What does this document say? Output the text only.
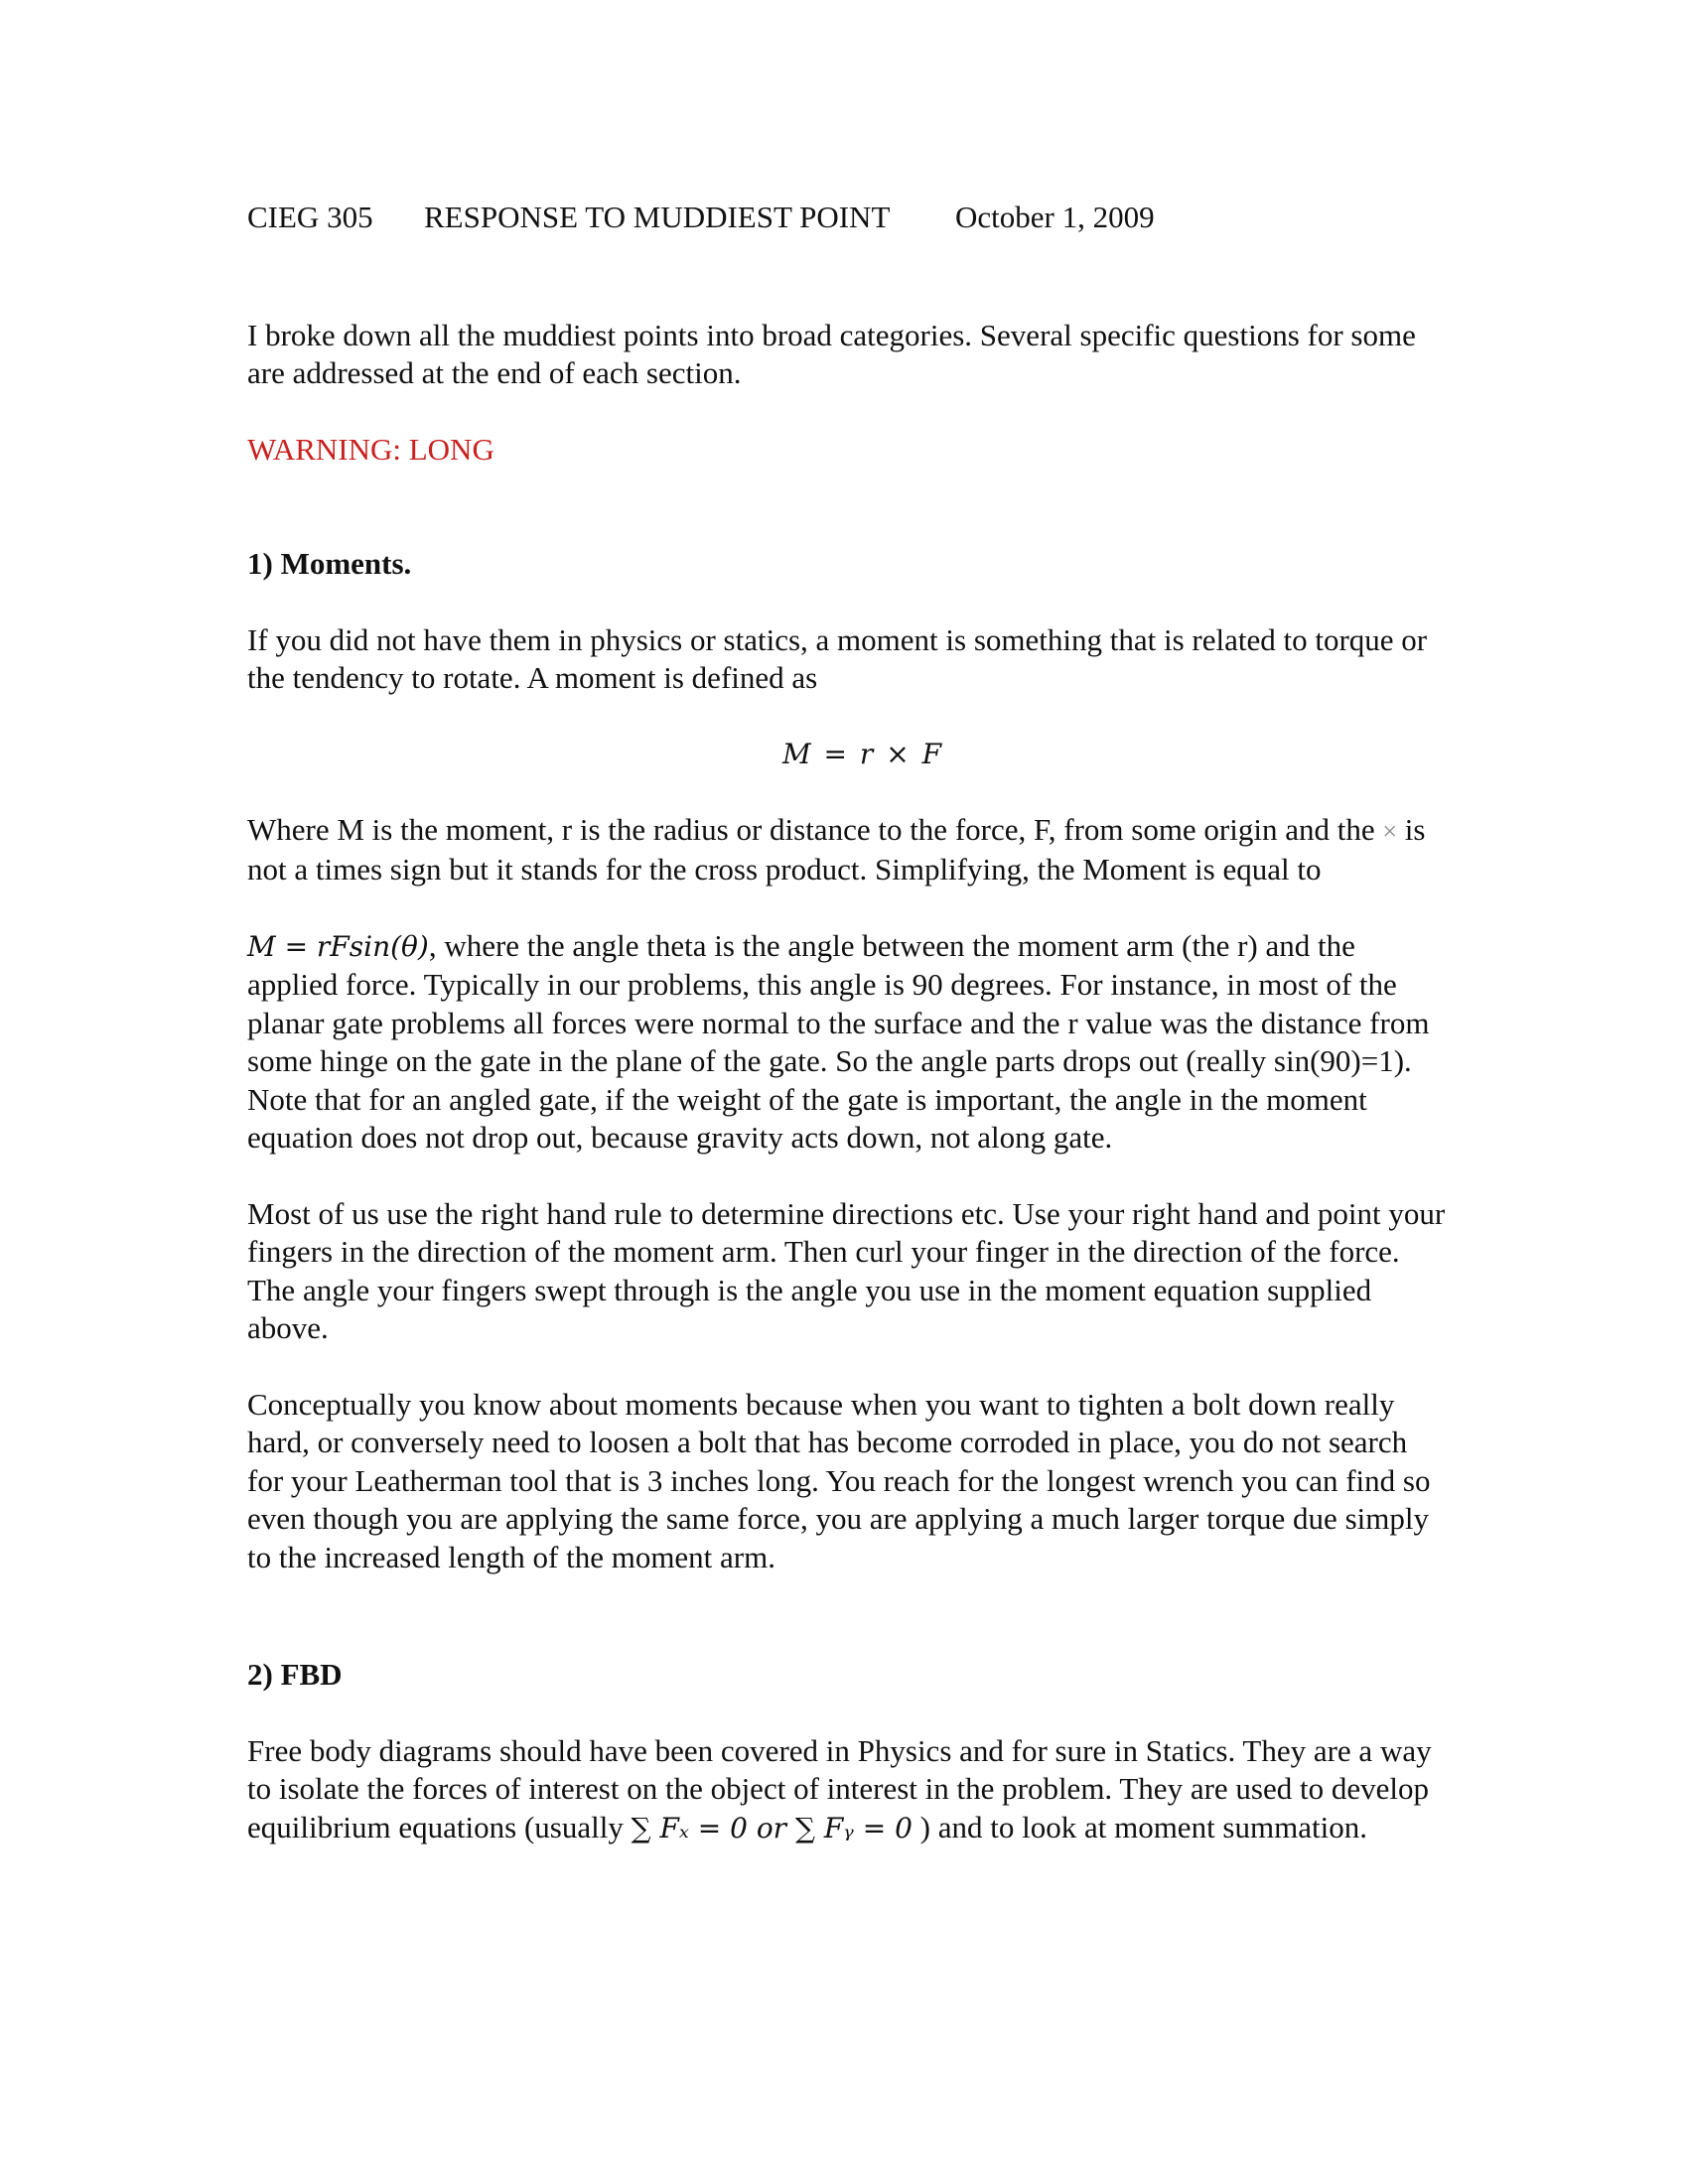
CIEG 305 RESPONSE TO MUDDIEST POINT October 1, 2009

I broke down all the muddiest points into broad categories. Several specific questions for some are addressed at the end of each section.

WARNING: LONG

1) Moments.

If you did not have them in physics or statics, a moment is something that is related to torque or the tendency to rotate. A moment is defined as

M = r × F

Where M is the moment, r is the radius or distance to the force, F, from some origin and the × is not a times sign but it stands for the cross product. Simplifying, the Moment is equal to

M = rFsin(θ), where the angle theta is the angle between the moment arm (the r) and the applied force. Typically in our problems, this angle is 90 degrees. For instance, in most of the planar gate problems all forces were normal to the surface and the r value was the distance from some hinge on the gate in the plane of the gate. So the angle parts drops out (really sin(90)=1). Note that for an angled gate, if the weight of the gate is important, the angle in the moment equation does not drop out, because gravity acts down, not along gate.

Most of us use the right hand rule to determine directions etc. Use your right hand and point your fingers in the direction of the moment arm. Then curl your finger in the direction of the force. The angle your fingers swept through is the angle you use in the moment equation supplied above.

Conceptually you know about moments because when you want to tighten a bolt down really hard, or conversely need to loosen a bolt that has become corroded in place, you do not search for your Leatherman tool that is 3 inches long. You reach for the longest wrench you can find so even though you are applying the same force, you are applying a much larger torque due simply to the increased length of the moment arm.

2) FBD

Free body diagrams should have been covered in Physics and for sure in Statics. They are a way to isolate the forces of interest on the object of interest in the problem. They are used to develop equilibrium equations (usually ∑ Fₓ = 0 or ∑ Fᵧ = 0 ) and to look at moment summation.
